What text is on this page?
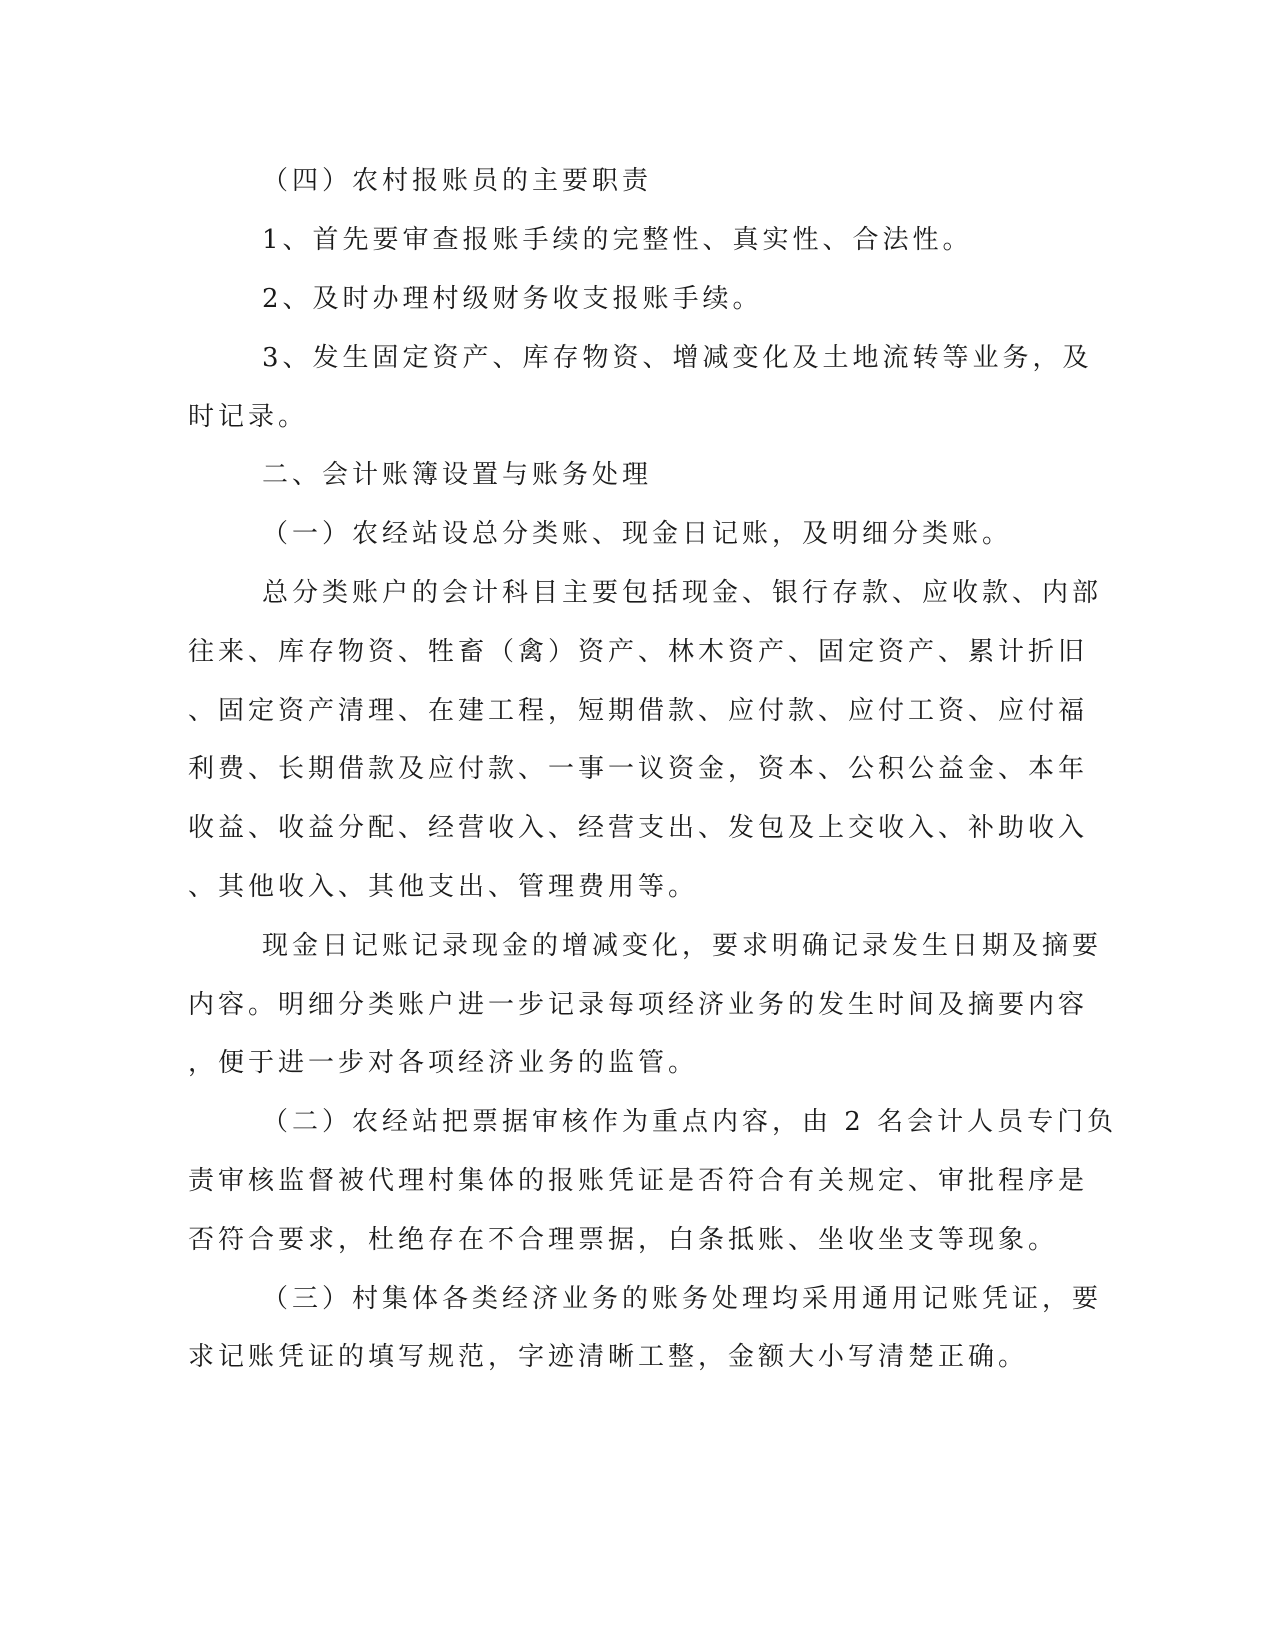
（四）农村报账员的主要职责
1、首先要审查报账手续的完整性、真实性、合法性。
2、及时办理村级财务收支报账手续。
3、发生固定资产、库存物资、增减变化及土地流转等业务，及
时记录。
二、会计账簿设置与账务处理
（一）农经站设总分类账、现金日记账，及明细分类账。
总分类账户的会计科目主要包括现金、银行存款、应收款、内部
往来、库存物资、牲畜（禽）资产、林木资产、固定资产、累计折旧
、固定资产清理、在建工程，短期借款、应付款、应付工资、应付福
利费、长期借款及应付款、一事一议资金，资本、公积公益金、本年
收益、收益分配、经营收入、经营支出、发包及上交收入、补助收入
、其他收入、其他支出、管理费用等。
现金日记账记录现金的增减变化，要求明确记录发生日期及摘要
内容。明细分类账户进一步记录每项经济业务的发生时间及摘要内容
，便于进一步对各项经济业务的监管。
（二）农经站把票据审核作为重点内容，由 2 名会计人员专门负
责审核监督被代理村集体的报账凭证是否符合有关规定、审批程序是
否符合要求，杜绝存在不合理票据，白条抵账、坐收坐支等现象。
（三）村集体各类经济业务的账务处理均采用通用记账凭证，要
求记账凭证的填写规范，字迹清晰工整，金额大小写清楚正确。
